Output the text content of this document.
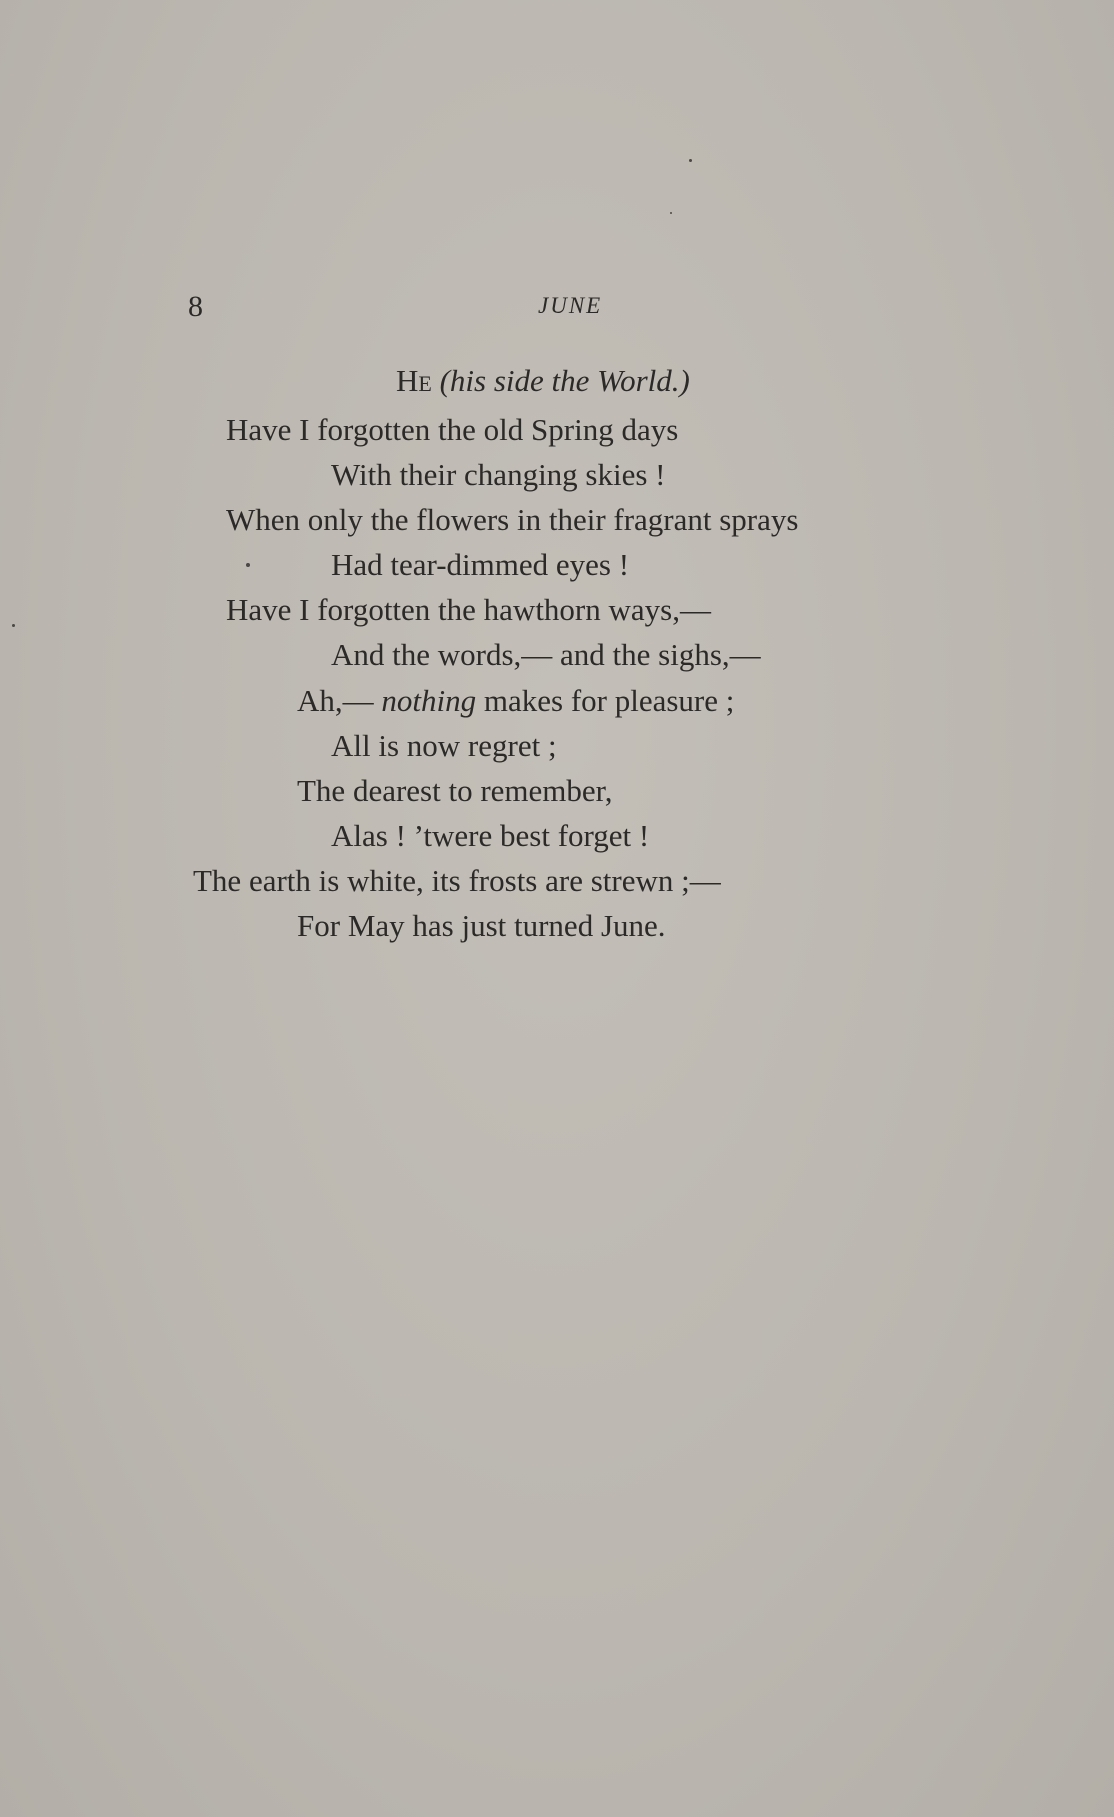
8	JUNE
He (his side the World.)
Have I forgotten the old Spring days
With their changing skies !
When only the flowers in their fragrant sprays
Had tear-dimmed eyes !
Have I forgotten the hawthorn ways,—
And the words,— and the sighs,—
Ah,— nothing makes for pleasure ;
All is now regret ;
The dearest to remember,
Alas ! ’twere best forget !
The earth is white, its frosts are strewn ;—
For May has just turned June.
